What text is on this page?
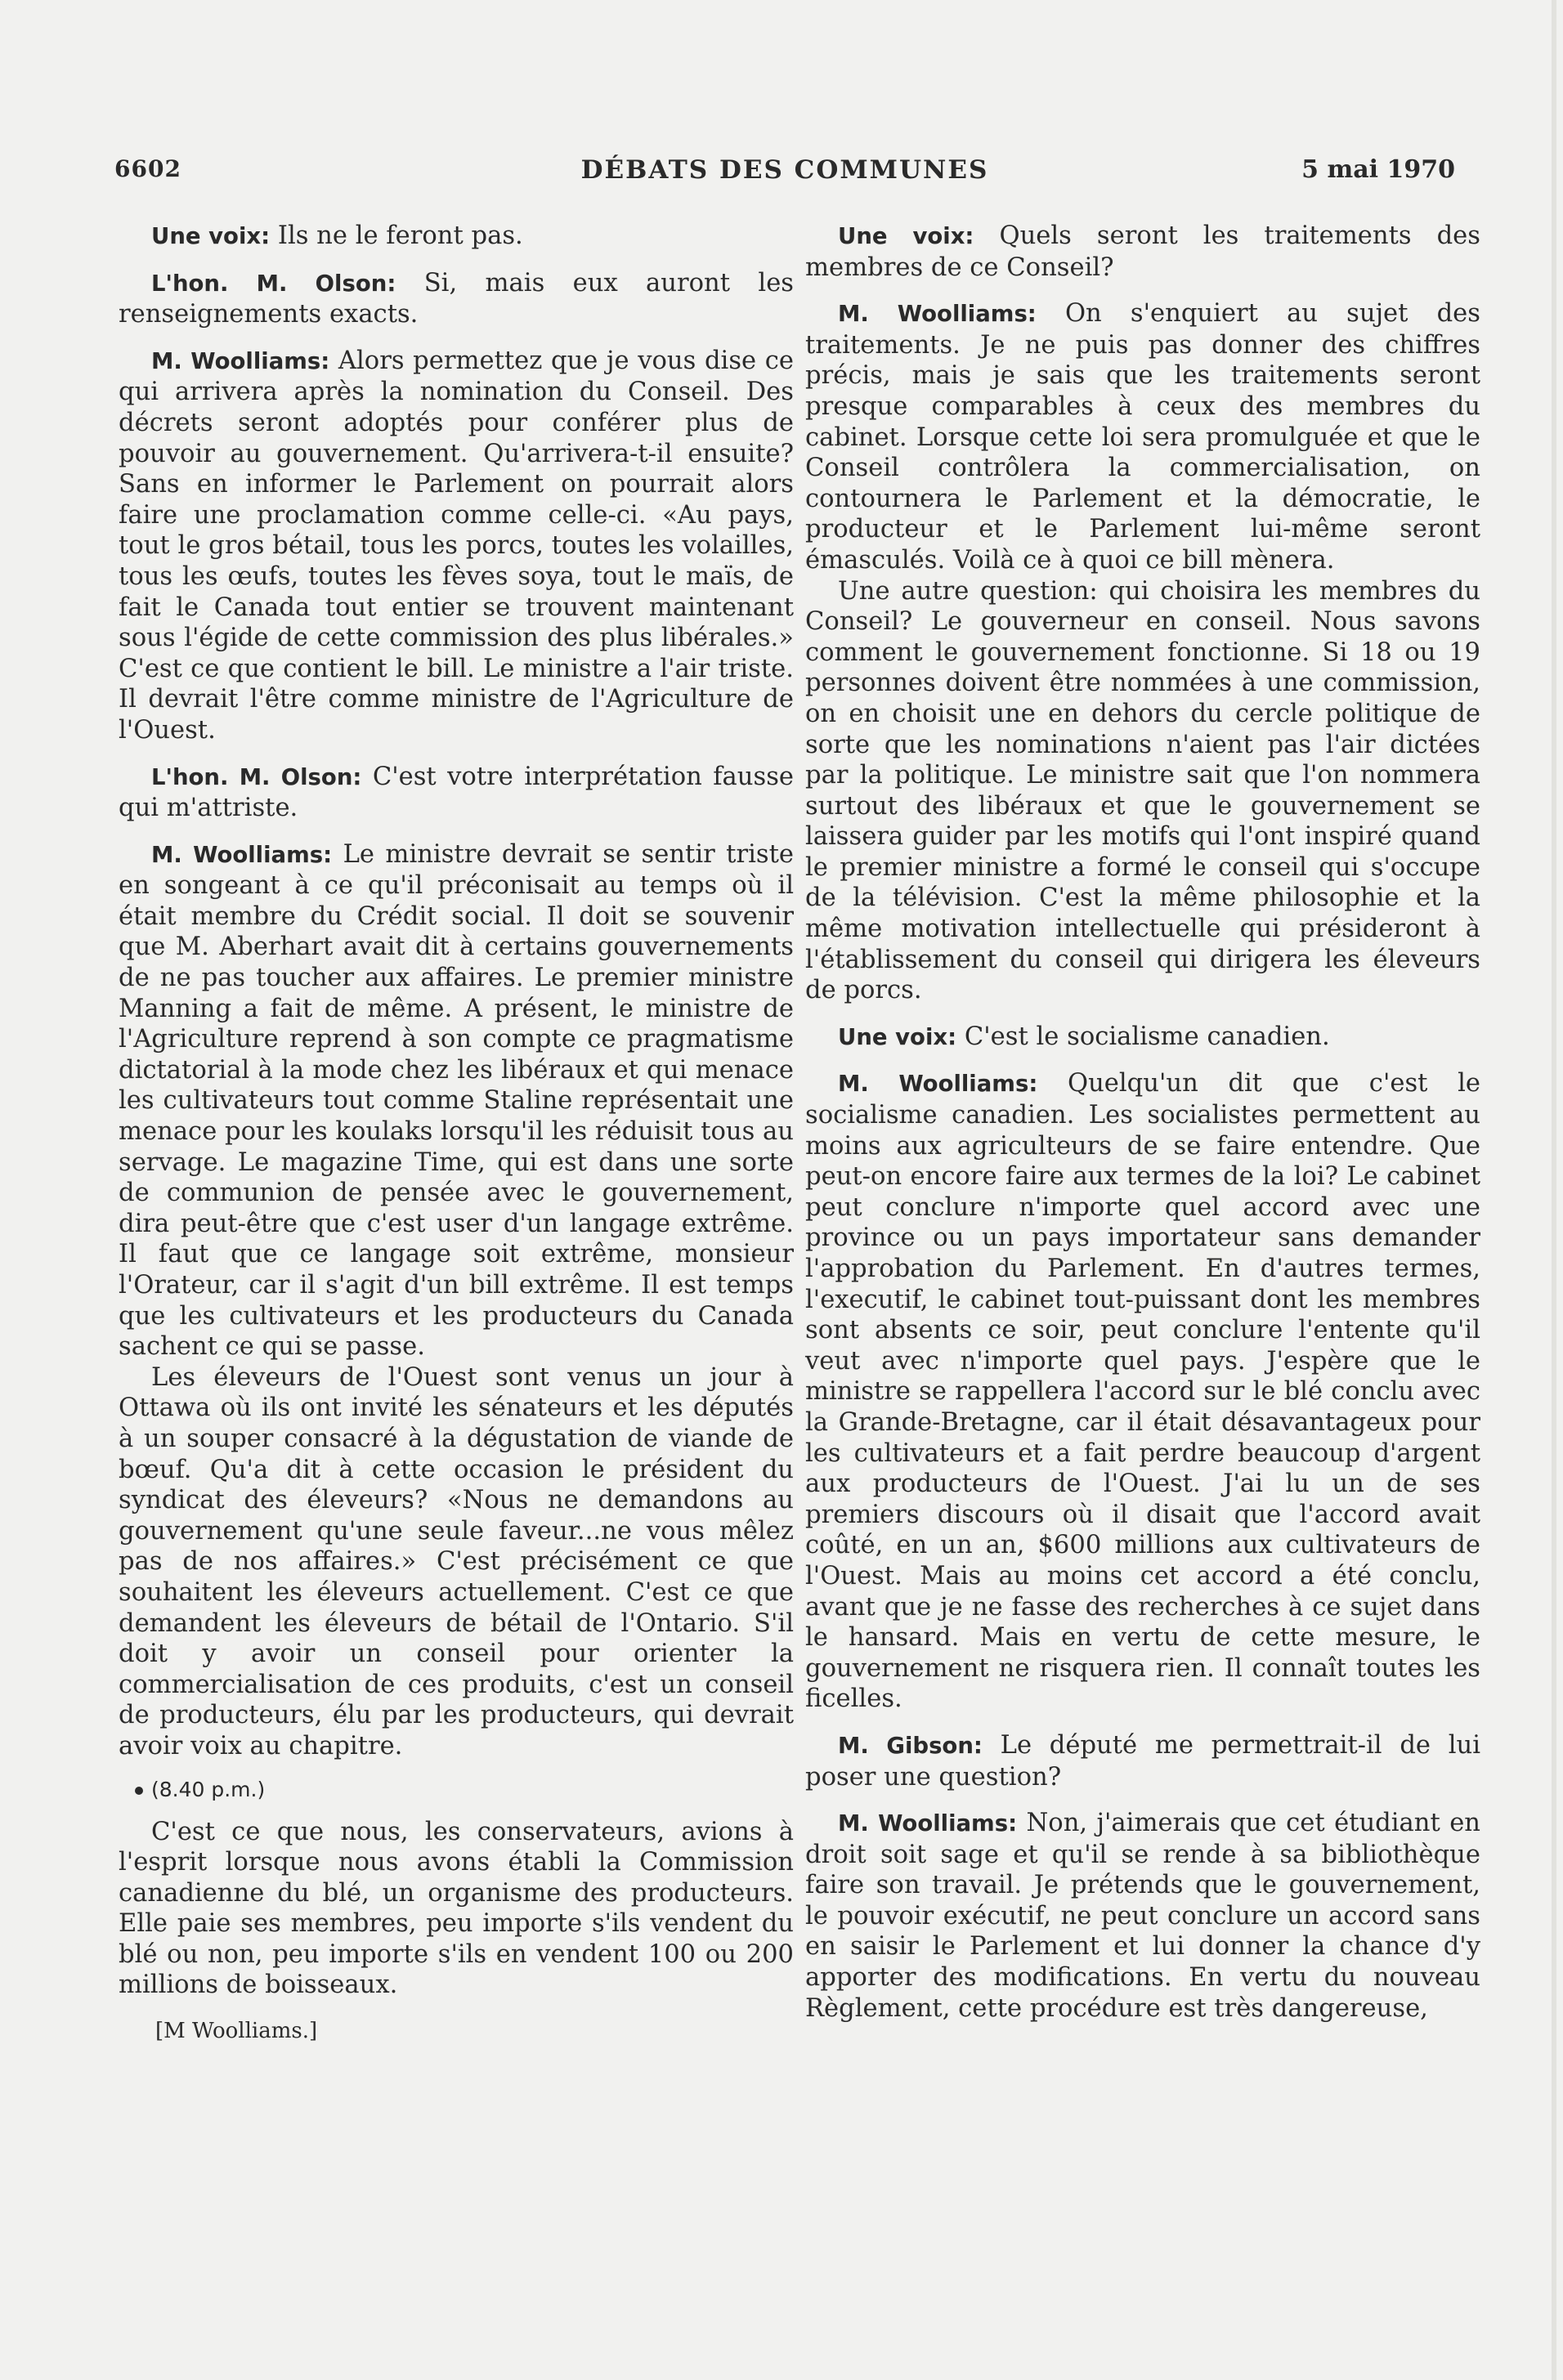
6602	DÉBATS DES COMMUNES	5 mai 1970

Une voix: Ils ne le feront pas.

L'hon. M. Olson: Si, mais eux auront les renseignements exacts.

M. Woolliams: Alors permettez que je vous dise ce qui arrivera après la nomination du Conseil. Des décrets seront adoptés pour conférer plus de pouvoir au gouvernement. Qu'arrivera-t-il ensuite? Sans en informer le Parlement on pourrait alors faire une proclamation comme celle-ci. «Au pays, tout le gros bétail, tous les porcs, toutes les volailles, tous les œufs, toutes les fèves soya, tout le maïs, de fait le Canada tout entier se trouvent maintenant sous l'égide de cette commission des plus libérales.» C'est ce que contient le bill. Le ministre a l'air triste. Il devrait l'être comme ministre de l'Agriculture de l'Ouest.

L'hon. M. Olson: C'est votre interprétation fausse qui m'attriste.

M. Woolliams: Le ministre devrait se sentir triste en songeant à ce qu'il préconisait au temps où il était membre du Crédit social. Il doit se souvenir que M. Aberhart avait dit à certains gouvernements de ne pas toucher aux affaires. Le premier ministre Manning a fait de même. A présent, le ministre de l'Agriculture reprend à son compte ce pragmatisme dictatorial à la mode chez les libéraux et qui menace les cultivateurs tout comme Staline représentait une menace pour les koulaks lorsqu'il les réduisit tous au servage. Le magazine Time, qui est dans une sorte de communion de pensée avec le gouvernement, dira peut-être que c'est user d'un langage extrême. Il faut que ce langage soit extrême, monsieur l'Orateur, car il s'agit d'un bill extrême. Il est temps que les cultivateurs et les producteurs du Canada sachent ce qui se passe.

Les éleveurs de l'Ouest sont venus un jour à Ottawa où ils ont invité les sénateurs et les députés à un souper consacré à la dégustation de viande de bœuf. Qu'a dit à cette occasion le président du syndicat des éleveurs? «Nous ne demandons au gouvernement qu'une seule faveur...ne vous mêlez pas de nos affaires.» C'est précisément ce que souhaitent les éleveurs actuellement. C'est ce que demandent les éleveurs de bétail de l'Ontario. S'il doit y avoir un conseil pour orienter la commercialisation de ces produits, c'est un conseil de producteurs, élu par les producteurs, qui devrait avoir voix au chapitre.

(8.40 p.m.)

C'est ce que nous, les conservateurs, avions à l'esprit lorsque nous avons établi la Commission canadienne du blé, un organisme des producteurs. Elle paie ses membres, peu importe s'ils vendent du blé ou non, peu importe s'ils en vendent 100 ou 200 millions de boisseaux.

[M Woolliams.]

Une voix: Quels seront les traitements des membres de ce Conseil?

M. Woolliams: On s'enquiert au sujet des traitements. Je ne puis pas donner des chiffres précis, mais je sais que les traitements seront presque comparables à ceux des membres du cabinet. Lorsque cette loi sera promulguée et que le Conseil contrôlera la commercialisation, on contournera le Parlement et la démocratie, le producteur et le Parlement lui-même seront émasculés. Voilà ce à quoi ce bill mènera.

Une autre question: qui choisira les membres du Conseil? Le gouverneur en conseil. Nous savons comment le gouvernement fonctionne. Si 18 ou 19 personnes doivent être nommées à une commission, on en choisit une en dehors du cercle politique de sorte que les nominations n'aient pas l'air dictées par la politique. Le ministre sait que l'on nommera surtout des libéraux et que le gouvernement se laissera guider par les motifs qui l'ont inspiré quand le premier ministre a formé le conseil qui s'occupe de la télévision. C'est la même philosophie et la même motivation intellectuelle qui présideront à l'établissement du conseil qui dirigera les éleveurs de porcs.

Une voix: C'est le socialisme canadien.

M. Woolliams: Quelqu'un dit que c'est le socialisme canadien. Les socialistes permettent au moins aux agriculteurs de se faire entendre. Que peut-on encore faire aux termes de la loi? Le cabinet peut conclure n'importe quel accord avec une province ou un pays importateur sans demander l'approbation du Parlement. En d'autres termes, l'executif, le cabinet tout-puissant dont les membres sont absents ce soir, peut conclure l'entente qu'il veut avec n'importe quel pays. J'espère que le ministre se rappellera l'accord sur le blé conclu avec la Grande-Bretagne, car il était désavantageux pour les cultivateurs et a fait perdre beaucoup d'argent aux producteurs de l'Ouest. J'ai lu un de ses premiers discours où il disait que l'accord avait coûté, en un an, $600 millions aux cultivateurs de l'Ouest. Mais au moins cet accord a été conclu, avant que je ne fasse des recherches à ce sujet dans le hansard. Mais en vertu de cette mesure, le gouvernement ne risquera rien. Il connaît toutes les ficelles.

M. Gibson: Le député me permettrait-il de lui poser une question?

M. Woolliams: Non, j'aimerais que cet étudiant en droit soit sage et qu'il se rende à sa bibliothèque faire son travail. Je prétends que le gouvernement, le pouvoir exécutif, ne peut conclure un accord sans en saisir le Parlement et lui donner la chance d'y apporter des modifications. En vertu du nouveau Règlement, cette procédure est très dangereuse,
